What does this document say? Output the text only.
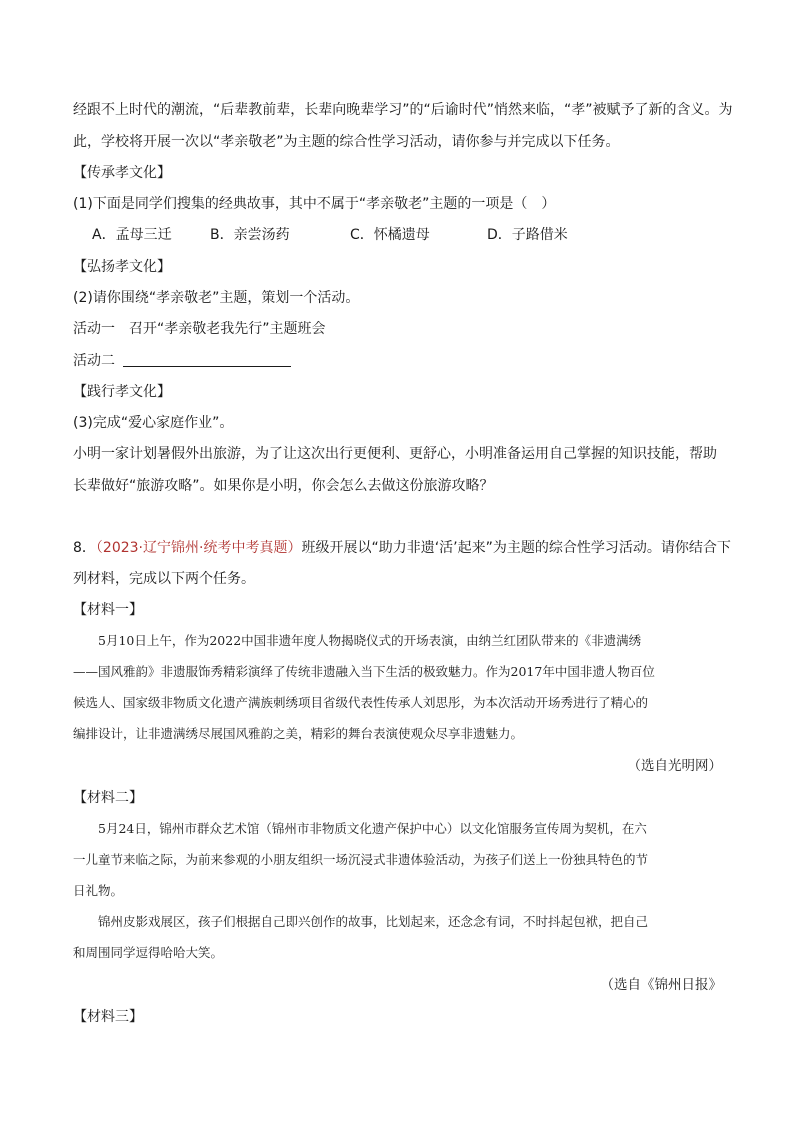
经跟不上时代的潮流，“后辈教前辈，长辈向晚辈学习”的“后谕时代”悄然来临，“孝”被赋予了新的含义。为
此，学校将开展一次以“孝亲敬老”为主题的综合性学习活动，请你参与并完成以下任务。
【传承孝文化】
(1)下面是同学们搜集的经典故事，其中不属于“孝亲敬老”主题的一项是（　）
A．孟母三迁	B．亲尝汤药	C．怀橘遗母	D．子路借米
【弘扬孝文化】
(2)请你围绕“孝亲敬老”主题，策划一个活动。
活动一　召开“孝亲敬老我先行”主题班会
活动二
【践行孝文化】
(3)完成“爱心家庭作业”。
小明一家计划暑假外出旅游，为了让这次出行更便利、更舒心，小明准备运用自己掌握的知识技能，帮助
长辈做好“旅游攻略”。如果你是小明，你会怎么去做这份旅游攻略？
8．（2023·辽宁锦州·统考中考真题）班级开展以“助力非遗‘活’起来”为主题的综合性学习活动。请你结合下
列材料，完成以下两个任务。
【材料一】
　　5月10日上午，作为2022中国非遗年度人物揭晓仪式的开场表演，由纳兰红团队带来的《非遗满绣
——国风雅韵》非遗服饰秀精彩演绎了传统非遗融入当下生活的极致魅力。作为2017年中国非遗人物百位
候选人、国家级非物质文化遗产满族刺绣项目省级代表性传承人刘思彤，为本次活动开场秀进行了精心的
编排设计，让非遗满绣尽展国风雅韵之美，精彩的舞台表演使观众尽享非遗魅力。
（选自光明网）
【材料二】
　　5月24日，锦州市群众艺术馆（锦州市非物质文化遗产保护中心）以文化馆服务宣传周为契机，在六
一儿童节来临之际，为前来参观的小朋友组织一场沉浸式非遗体验活动，为孩子们送上一份独具特色的节
日礼物。
　　锦州皮影戏展区，孩子们根据自己即兴创作的故事，比划起来，还念念有词，不时抖起包袱，把自己
和周围同学逗得哈哈大笑。
（选自《锦州日报》
【材料三】
